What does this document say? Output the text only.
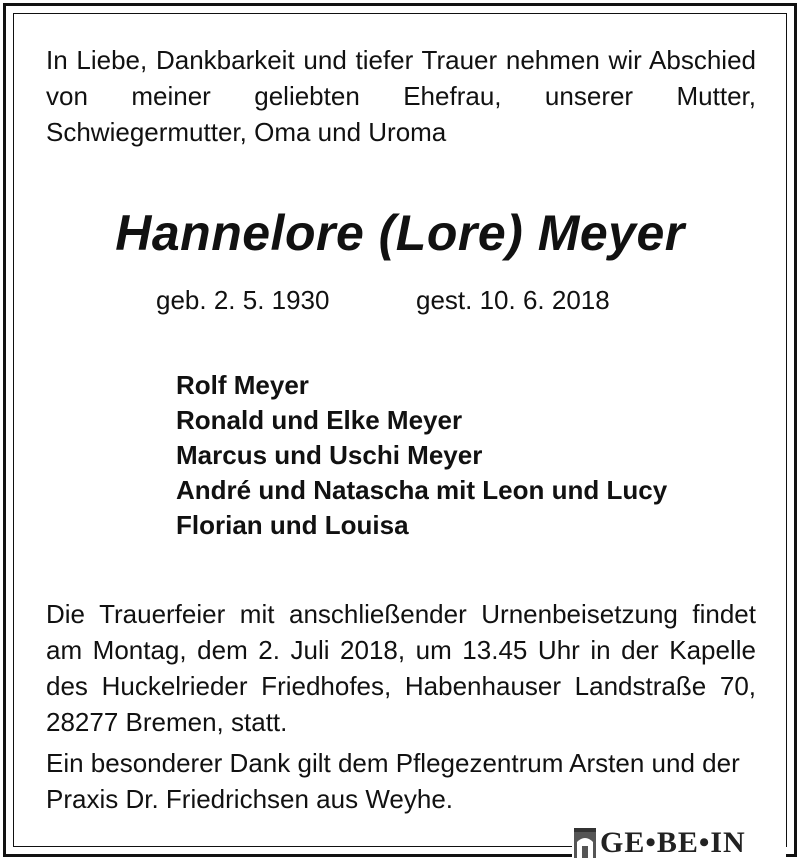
In Liebe, Dankbarkeit und tiefer Trauer nehmen wir Abschied von meiner geliebten Ehefrau, unserer Mutter, Schwiegermutter, Oma und Uroma
Hannelore (Lore) Meyer
geb. 2. 5. 1930	gest. 10. 6. 2018
Rolf Meyer
Ronald und Elke Meyer
Marcus und Uschi Meyer
André und Natascha mit Leon und Lucy
Florian und Louisa
Die Trauerfeier mit anschließender Urnenbeisetzung findet am Montag, dem 2. Juli 2018, um 13.45 Uhr in der Kapelle des Huckelrieder Friedhofes, Habenhauser Landstraße 70, 28277 Bremen, statt.
Ein besonderer Dank gilt dem Pflegezentrum Arsten und der Praxis Dr. Friedrichsen aus Weyhe.
GE•BE•IN
